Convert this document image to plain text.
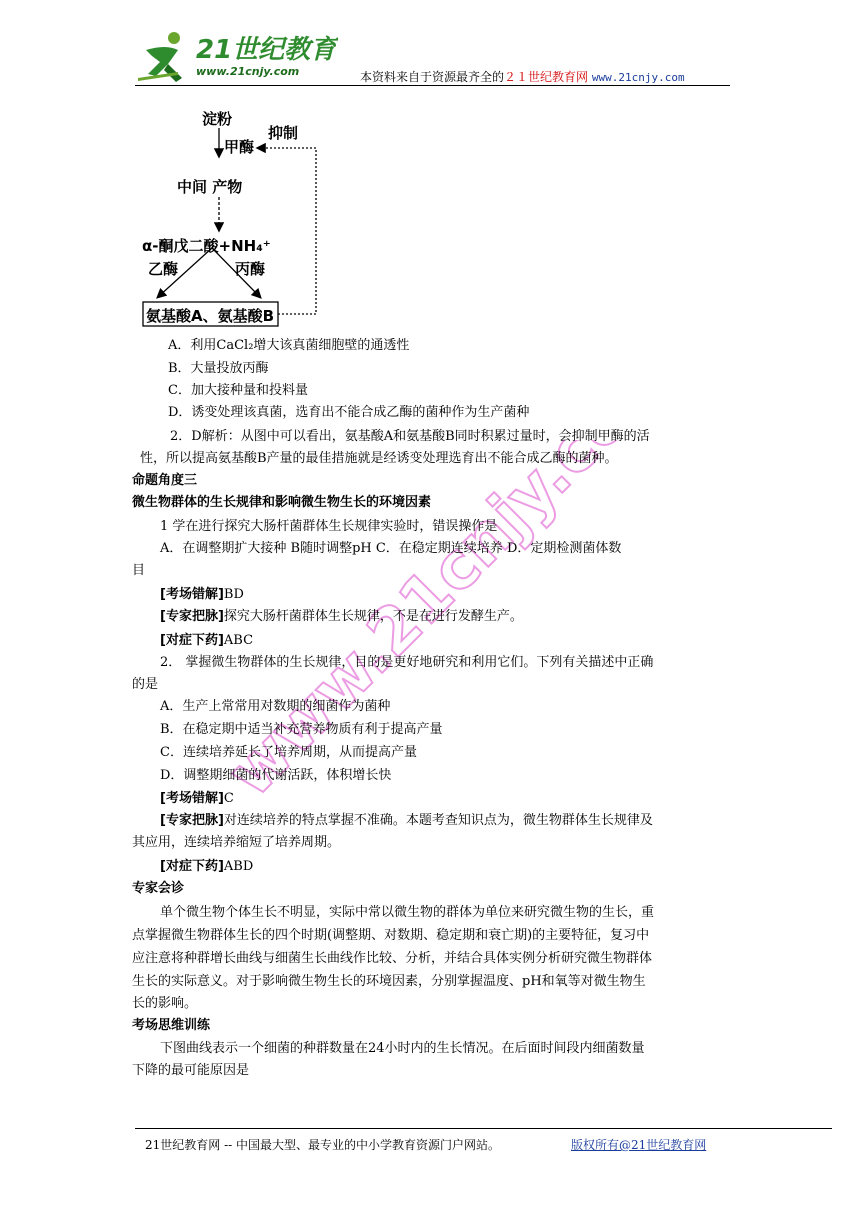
21世纪教育
www.21cnjy.com	本资料来自于资源最齐全的２１世纪教育网 www.21cnjy.com
淀粉
抑制
甲酶
中间 产物
α-酮戊二酸+NH₄⁺
乙酶	丙酶
氨基酸A、氨基酸B
www.21cnjy.com
A．利用CaCl₂增大该真菌细胞壁的通透性
B．大量投放丙酶
C．加大接种量和投料量
D．诱变处理该真菌，选育出不能合成乙酶的菌种作为生产菌种
2．D解析：从图中可以看出，氨基酸A和氨基酸B同时积累过量时，会抑制甲酶的活
性，所以提高氨基酸B产量的最佳措施就是经诱变处理选育出不能合成乙酶的菌种。
命题角度三
微生物群体的生长规律和影响微生物生长的环境因素
1 学在进行探究大肠杆菌群体生长规律实验时，错误操作是
A．在调整期扩大接种 B随时调整pH C．在稳定期连续培养 D．定期检测菌体数
目
[考场错解]BD
[专家把脉]探究大肠杆菌群体生长规律，不是在进行发酵生产。
[对症下药]ABC
2． 掌握微生物群体的生长规律，目的是更好地研究和利用它们。下列有关描述中正确
的是
A．生产上常常用对数期的细菌作为菌种
B．在稳定期中适当补充营养物质有利于提高产量
C．连续培养延长了培养周期，从而提高产量
D．调整期细菌的代谢活跃，体积增长快
[考场错解]C
[专家把脉]对连续培养的特点掌握不准确。本题考查知识点为，微生物群体生长规律及
其应用，连续培养缩短了培养周期。
[对症下药]ABD
专家会诊
单个微生物个体生长不明显，实际中常以微生物的群体为单位来研究微生物的生长，重
点掌握微生物群体生长的四个时期(调整期、对数期、稳定期和衰亡期)的主要特征，复习中
应注意将种群增长曲线与细菌生长曲线作比较、分析，并结合具体实例分析研究微生物群体
生长的实际意义。对于影响微生物生长的环境因素，分别掌握温度、pH和氧等对微生物生
长的影响。
考场思维训练
下图曲线表示一个细菌的种群数量在24小时内的生长情况。在后面时间段内细菌数量
下降的最可能原因是
21世纪教育网 -- 中国最大型、最专业的中小学教育资源门户网站。	版权所有@21世纪教育网
